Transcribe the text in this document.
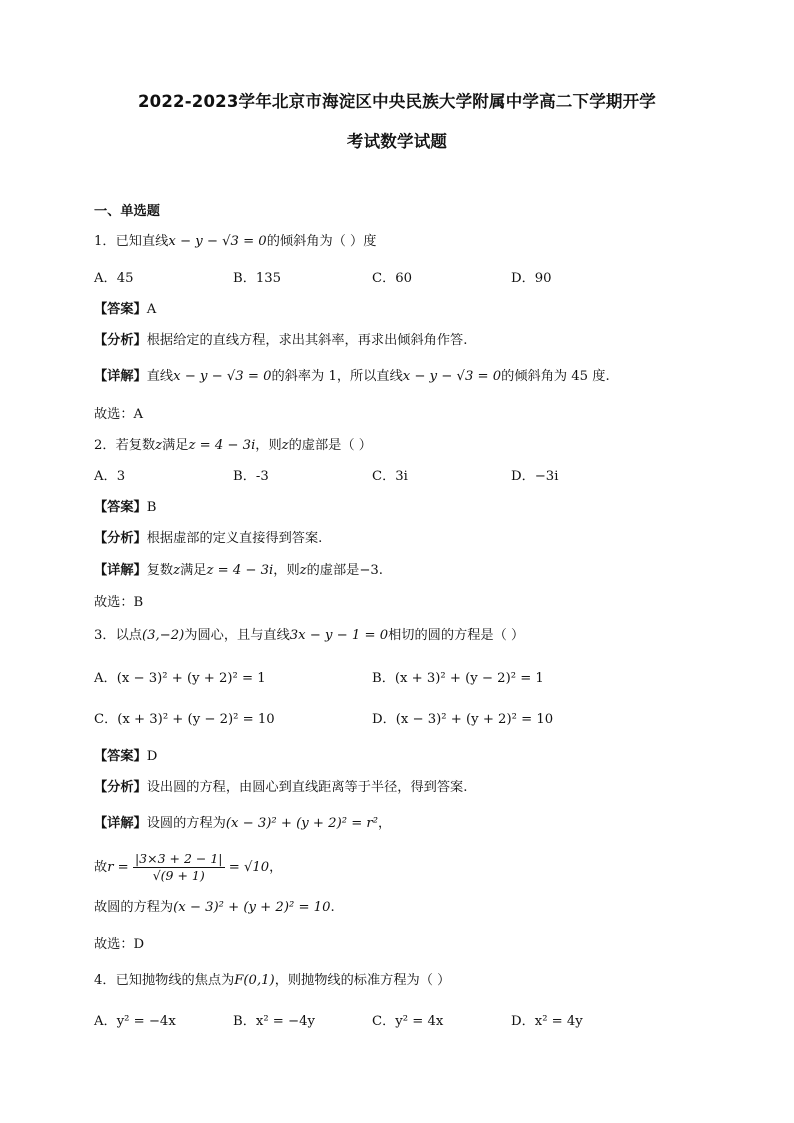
2022-2023学年北京市海淀区中央民族大学附属中学高二下学期开学
考试数学试题
一、单选题
1．已知直线x − y − √3 = 0的倾斜角为（ ）度
A．45	B．135	C．60	D．90
【答案】A
【分析】根据给定的直线方程，求出其斜率，再求出倾斜角作答.
【详解】直线x − y − √3 = 0的斜率为 1，所以直线x − y − √3 = 0的倾斜角为 45 度.
故选：A
2．若复数z满足z = 4 − 3i，则z的虚部是（ ）
A．3	B．-3	C．3i	D．−3i
【答案】B
【分析】根据虚部的定义直接得到答案.
【详解】复数z满足z = 4 − 3i，则z的虚部是−3.
故选：B
3．以点(3,−2)为圆心，且与直线3x − y − 1 = 0相切的圆的方程是（ ）
A．(x − 3)² + (y + 2)² = 1	B．(x + 3)² + (y − 2)² = 1
C．(x + 3)² + (y − 2)² = 10	D．(x − 3)² + (y + 2)² = 10
【答案】D
【分析】设出圆的方程，由圆心到直线距离等于半径，得到答案.
【详解】设圆的方程为(x − 3)² + (y + 2)² = r²，
故$r = \frac{|3\times 3 + 2 - 1|}{√(9 + 1)} = √10$，
故圆的方程为(x − 3)² + (y + 2)² = 10.
故选：D
4．已知抛物线的焦点为F(0,1)，则抛物线的标准方程为（ ）
A．y² = −4x	B．x² = −4y	C．y² = 4x	D．x² = 4y
